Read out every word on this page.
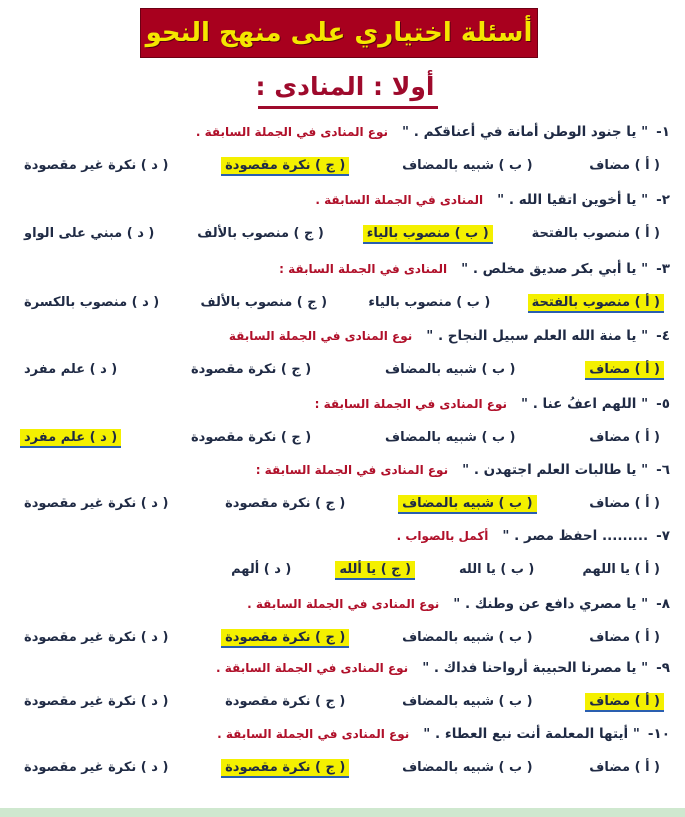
أسئلة اختياري على منهج النحو
أولا : المنادى :
١-
" يا جنود الوطن أمانة في أعناقكم . "
نوع المنادى في الجملة السابقة .
( أ ) مضاف
( ب ) شبيه بالمضاف
( ج ) نكرة مقصودة
( د ) نكرة غير مقصودة
٢-
" يا أخوين اتقيا الله . "
المنادى في الجملة السابقة .
( أ ) منصوب بالفتحة
( ب ) منصوب بالياء
( ج ) منصوب بالألف
( د ) مبني على الواو
٣-
" يا أبي بكر صديق مخلص . "
المنادى في الجملة السابقة :
( أ ) منصوب بالفتحة
( ب ) منصوب بالياء
( ج ) منصوب بالألف
( د ) منصوب بالكسرة
٤-
" يا منة الله العلم سبيل النجاح . "
نوع المنادى في الجملة السابقة
( أ ) مضاف
( ب ) شبيه بالمضاف
( ج ) نكرة مقصودة
( د ) علم مفرد
٥-
" اللهم اعفُ عنا . "
نوع المنادى في الجملة السابقة :
( أ ) مضاف
( ب ) شبيه بالمضاف
( ج ) نكرة مقصودة
( د ) علم مفرد
٦-
" يا طالبات العلم اجتهدن . "
نوع المنادى في الجملة السابقة :
( أ ) مضاف
( ب ) شبيه بالمضاف
( ج ) نكرة مقصودة
( د ) نكرة غير مقصودة
٧-
......... احفظ مصر . "
أكمل بالصواب .
( أ ) يا اللهم
( ب ) يا الله
( ج ) يا ألله
( د ) ألهم
٨-
" يا مصري دافع عن وطنك . "
نوع المنادى في الجملة السابقة .
( أ ) مضاف
( ب ) شبيه بالمضاف
( ج ) نكرة مقصودة
( د ) نكرة غير مقصودة
٩-
" يا مصرنا الحبيبة أرواحنا فداك . "
نوع المنادى في الجملة السابقة .
( أ ) مضاف
( ب ) شبيه بالمضاف
( ج ) نكرة مقصودة
( د ) نكرة غير مقصودة
١٠-
" أيتها المعلمة أنت نبع العطاء . "
نوع المنادى في الجملة السابقة .
( أ ) مضاف
( ب ) شبيه بالمضاف
( ج ) نكرة مقصودة
( د ) نكرة غير مقصودة
